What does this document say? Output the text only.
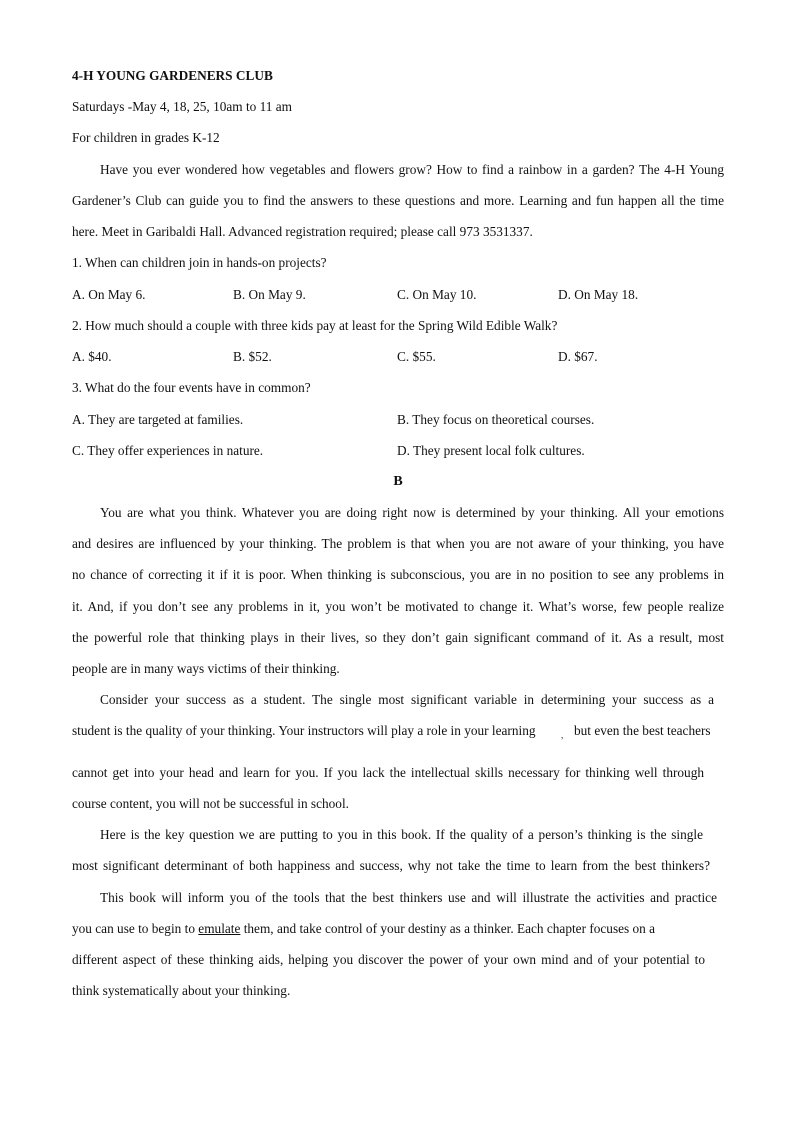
4-H YOUNG GARDENERS CLUB
Saturdays -May 4, 18, 25, 10am to 11 am
For children in grades K-12
Have you ever wondered how vegetables and flowers grow? How to find a rainbow in a garden? The 4-H Young
Gardener’s Club can guide you to find the answers to these questions and more. Learning and fun happen all the time
here. Meet in Garibaldi Hall. Advanced registration required; please call 973 3531337.
1. When can children join in hands-on projects?
A. On May 6.	B. On May 9.	C. On May 10.	D. On May 18.
2. How much should a couple with three kids pay at least for the Spring Wild Edible Walk?
A. $40.	B. $52.	C. $55.	D. $67.
3. What do the four events have in common?
A. They are targeted at families.	B. They focus on theoretical courses.
C. They offer experiences in nature.	D. They present local folk cultures.
B
You are what you think. Whatever you are doing right now is determined by your thinking. All your emotions
and desires are influenced by your thinking. The problem is that when you are not aware of your thinking, you have
no chance of correcting it if it is poor. When thinking is subconscious, you are in no position to see any problems in
it. And, if you don’t see any problems in it, you won’t be motivated to change it. What’s worse, few people realize
the powerful role that thinking plays in their lives, so they don’t gain significant command of it. As a result, most
people are in many ways victims of their thinking.
Consider your success as a student. The single most significant variable in determining your success as a
student is the quality of your thinking. Your instructors will play a role in your learning	, but even the best teachers
cannot get into your head and learn for you. If you lack the intellectual skills necessary for thinking well through
course content, you will not be successful in school.
Here is the key question we are putting to you in this book. If the quality of a person’s thinking is the single
most significant determinant of both happiness and success, why not take the time to learn from the best thinkers?
This book will inform you of the tools that the best thinkers use and will illustrate the activities and practice
you can use to begin to emulate them, and take control of your destiny as a thinker. Each chapter focuses on a
different aspect of these thinking aids, helping you discover the power of your own mind and of your potential to
think systematically about your thinking.
